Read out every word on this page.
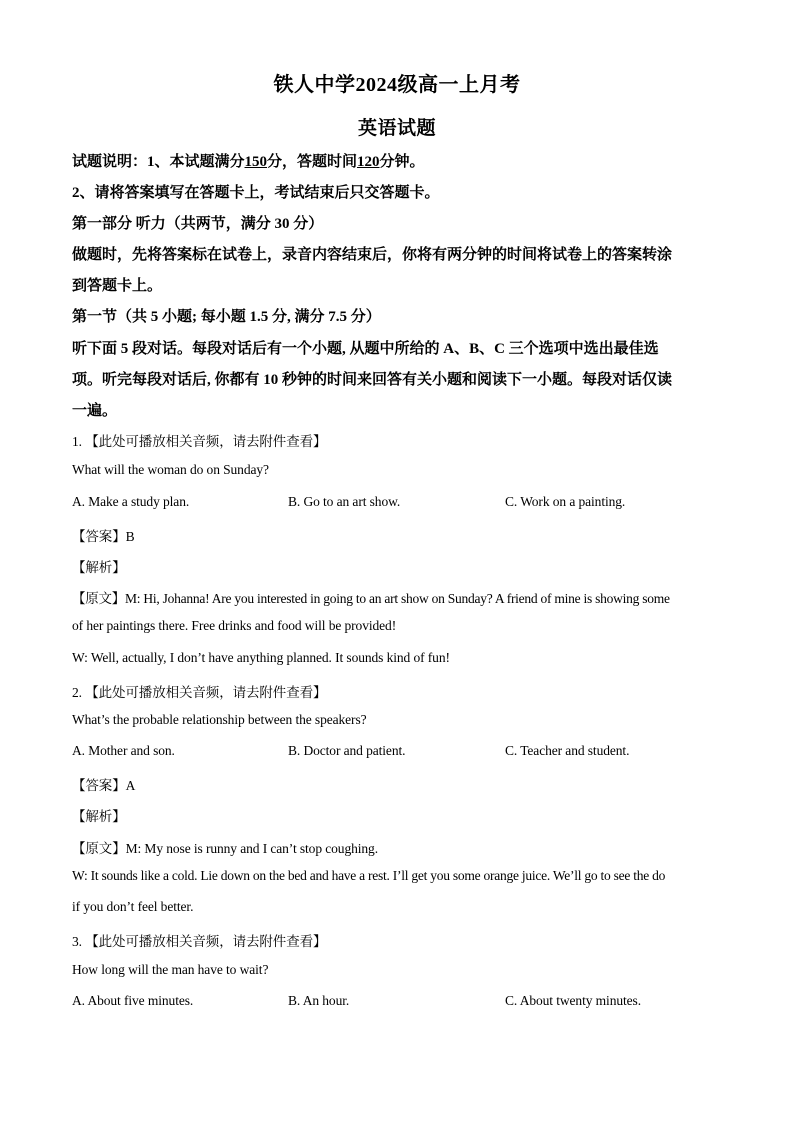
铁人中学2024级高一上月考
英语试题
试题说明：1、本试题满分150分，答题时间120分钟。
2、请将答案填写在答题卡上，考试结束后只交答题卡。
第一部分 听力（共两节，满分 30 分）
做题时，先将答案标在试卷上，录音内容结束后，你将有两分钟的时间将试卷上的答案转涂
到答题卡上。
第一节（共 5 小题; 每小题 1.5 分, 满分 7.5 分）
听下面 5 段对话。每段对话后有一个小题, 从题中所给的 A、B、C 三个选项中选出最佳选
项。听完每段对话后, 你都有 10 秒钟的时间来回答有关小题和阅读下一小题。每段对话仅读
一遍。
1. 【此处可播放相关音频，请去附件查看】
What will the woman do on Sunday?
A. Make a study plan.	B. Go to an art show.	C. Work on a painting.
【答案】B
【解析】
【原文】M: Hi, Johanna! Are you interested in going to an art show on Sunday? A friend of mine is showing some
of her paintings there. Free drinks and food will be provided!
W: Well, actually, I don’t have anything planned. It sounds kind of fun!
2. 【此处可播放相关音频，请去附件查看】
What’s the probable relationship between the speakers?
A. Mother and son.	B. Doctor and patient.	C. Teacher and student.
【答案】A
【解析】
【原文】M: My nose is runny and I can’t stop coughing.
W: It sounds like a cold. Lie down on the bed and have a rest. I’ll get you some orange juice. We’ll go to see the do
if you don’t feel better.
3. 【此处可播放相关音频，请去附件查看】
How long will the man have to wait?
A. About five minutes.	B. An hour.	C. About twenty minutes.
